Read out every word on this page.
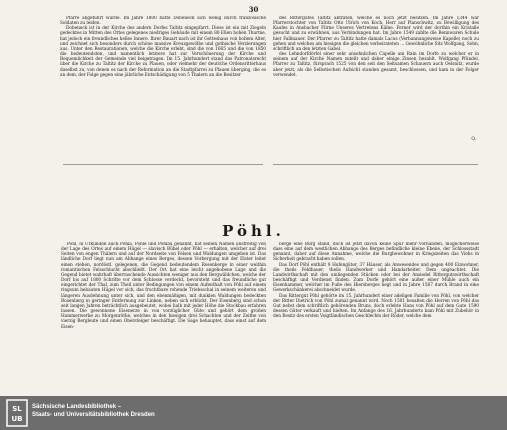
30

Pfarre abgeführt wurde. Im Jahre 1800 hatte Dobeneck sich wenig durch französische Soldaten zu leiden.

Dobeneck ist in der Kirche des andern Dorfes Taltitz eingepfarrt. Diese ist ein mit Ziegeln gedecktes in Mitten des Ortes gelegenes niedriges Gebäude mit einem 80 Ellen hohen Thurme, hat jedoch ein freundliches helles Innere. Ihrer Bauart nach ist ihr Gotteshaus von hohem Alter, und zeichnet sich besonders durch schöne massive Kreuzgewölbe und gothische Verzierungen aus. Unter den Restaurationen, welche die Kirche erlebt, sind die von 1665 und die von 1850 die bedeutendsten, und namentlich letztere hat zur Verschönerung der Kirche und Bequemlichkeit der Gemeinde viel beigetragen. Im 15. Jahrhundert stand das Patronatsrecht über die Kirche zu Taltitz der Kirche zu Plauen, oder vielmehr der deutsche Ordensritterhaus daselbst zu, von denen es nach der Reformation an die Stadtpfarrei zu Plauen überging, die es an dem, der Folge gegen eine jährliche Entschädigung von 5 Thalern an die Besitzer

des Rittergutes Taltitz abtraten, welche es noch jetzt besitzen. Im Jahre 1344 war Pfarrerstochter von Taltitz Otto Ulrich von Koch, Herr auf Planschwitz, zu Bewilligung des Kaufes in Ansbacher Flirne Unseres Vertretens Kälne. Ferner wird der dorthin ein Kristalle gesucht und zu erwähnen, aus Verbindungen hat. Im Jahre 1549 zahlte die Rennwaren Schule hier Fallmauer. Der Pfarrer zu Taltitz hatte damals Lacus (Verbannungsweise Kapelle) noch zu gehen und welches am hiesigen die gleichen verheirateten ... Gewöhnliche Sitz Wolfgang, Sohn, schriftlich an den letzten Gabel.

des Lehndorfdörfel einer sehr ansehnlichen Capelle am Rain im Dorfe zu welcher er in seinem auf der Kirche Namen zuteilt und daher einige Zinsen bezahlt. Wolfgang Pfündel, Pfarrer zu Taltitz, fürsprach 1525 von den seit den Seltsamen Schauern auch Oelsnitz, wurde aber jetzt, als die Selbstischen Aufsicht standen gesamt, beschlossen, und kam in der Folger verwendet.

O.
Pöhl.

Pöhl, in Urkunden auch Pöhla, Pöhle und Pöhlau genannt, hat seinen Namen unstreitig von der Lage des Ortes auf einem Hügel — slavisch Bühel oder Pöhl — erhalten, welcher auf drei Seiten von engen Thälern und auf der Nordseite von Felsen und Waldungen umgeben ist. Das ländliche Dorf liegt nun am Abhange eines Berges, dessen Vorbergung mit der Elster leitet einen stehen, nordöstl. gelegenen, die Gegend bedeutendem Rosenberge in einer weithin romantischen Felsschlucht abschließt. Der Ort hat eine leicht angehobene Lage und die Gegend bietet wahrhaft überraschende Aussichten weniger aus den Bergwäldchen, welche der Dorf bis auf 1800 Schritte vor dem Schlosse verdeckt, bevorsteht und das freundliche gut eingerichtet der Thal, zum Theil unter Bedingungen von einem Aufenthalt von Pöhl auf einem ringsum bebauten Hügel vor sich, das fruchtbare rohende Triebsschal in seinem weiteren und längeren Ausdehnung unter sich, und den ebenmäßigen, mit dunklen Waldungen bedeckten Rosenberg in geringer Entfernung zur Linken, neben sich erblickt. Der Eisenberg sind schon seit langen Jahren beträchtlich ausgebeutet, wobei halb mit jeder Höhe die Stockbau erfahren lassen. Die gewonnene Eisenerze in von vorzüglicher Güte und gehört dem großen Hammerwerke zu Morgenröthe, welches in den hiesigen drei Schachten und der Zeithe von vierzig Bergleute und einen Obersteiger beschäftigt. Die Sage behauptet, dass einst auf dem Eisen-

berge eine Burg stand, doch ist jetzt davon keine Spur mehr vorhanden, möglicherweise dass eine auf dem westlichen Abhange des Berges befindliche kleine Ebene, der Schlossstadt genannt, daher auf diese Annahme, welche die Burgbewohner in Kriegszeiten das Viehs in Sicherheit gebracht haben sollen.

Das Dorf Pöhl enthält 9 Hufengüter, 37 Häuser, als Anwesendes und gegen 400 Einwohner, die theils Feldbauer, theils Handwerker und Handarbeiter. Dem ungeachtet. Die Landwirthschaft mit den umliegenden Stücken oder bei der Ansiedel Rittergutswirthschaft beschäftigt und Verdienst finden. Zum Dorfe gehört eine außer einer Mühle auch ein Eisenhammer, welcher im Fuße des Hiersberges liegt und in Jahre 1567 durch Brand in eine Gewerkschänkerei abschneidet wurde.

Das Rittergut Pöhl gehörte im 15. Jahrhundert einer adeligen Familie von Pöhl, von welcher der Ritter Dietrich von Pöhl zumal genannt wird. Noch 1501 besaßen die Herren von Pöhl das Gut nebst dem schriftlich gehörenden Bruns, doch erlebte Hans von Pöhl auf dem Gute 1590 dessen Güter verkauft und hielten. Im Anfange des 16. Jahrhunderts kam Pöhl mit Zubehör in den Besitz des ersten Voigtländischen Geschlechts der Röder, welche dem

SL
UB
Sächsische Landesbibliothek –
Staats- und Universitätsbibliothek Dresden
